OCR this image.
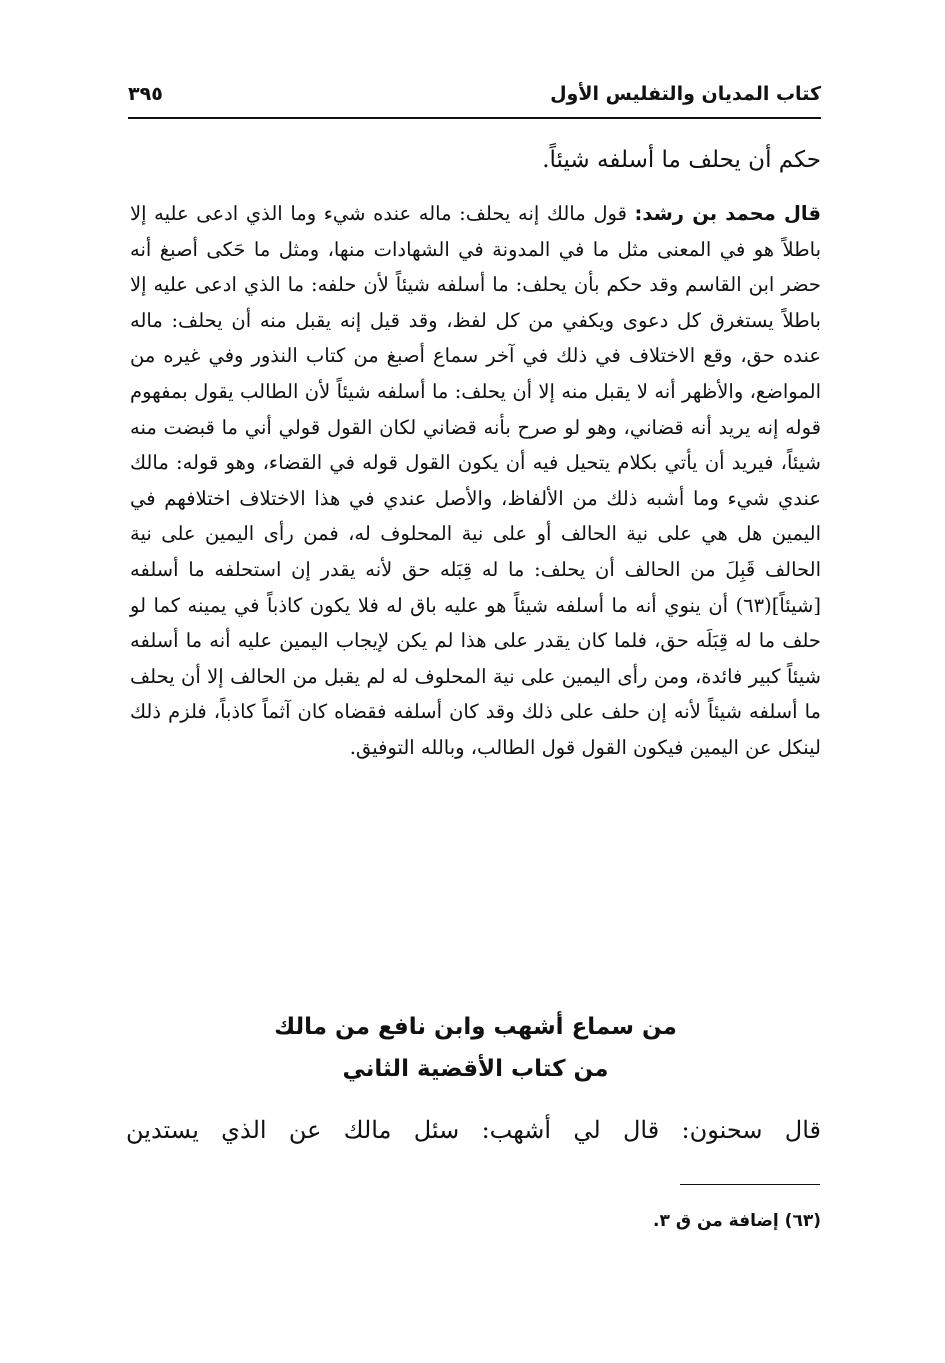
كتاب المديان والتفليس الأول
٣٩٥
حكم أن يحلف ما أسلفه شيئاً.
قال محمد بن رشد: قول مالك إنه يحلف: ماله عنده شيء وما الذي ادعى عليه إلا باطلاً هو في المعنى مثل ما في المدونة في الشهادات منها، ومثل ما حَكى أصبغ أنه حضر ابن القاسم وقد حكم بأن يحلف: ما أسلفه شيئاً لأن حلفه: ما الذي ادعى عليه إلا باطلاً يستغرق كل دعوى ويكفي من كل لفظ، وقد قيل إنه يقبل منه أن يحلف: ماله عنده حق، وقع الاختلاف في ذلك في آخر سماع أصبغ من كتاب النذور وفي غيره من المواضع، والأظهر أنه لا يقبل منه إلا أن يحلف: ما أسلفه شيئاً لأن الطالب يقول بمفهوم قوله إنه يريد أنه قضاني، وهو لو صرح بأنه قضاني لكان القول قولي أني ما قبضت منه شيئاً، فيريد أن يأتي بكلام يتحيل فيه أن يكون القول قوله في القضاء، وهو قوله: مالك عندي شيء وما أشبه ذلك من الألفاظ، والأصل عندي في هذا الاختلاف اختلافهم في اليمين هل هي على نية الحالف أو على نية المحلوف له، فمن رأى اليمين على نية الحالف قَبِلَ من الحالف أن يحلف: ما له قِبَله حق لأنه يقدر إن استحلفه ما أسلفه [شيئاً](٦٣) أن ينوي أنه ما أسلفه شيئاً هو عليه باق له فلا يكون كاذباً في يمينه كما لو حلف ما له قِبَلَه حق، فلما كان يقدر على هذا لم يكن لإيجاب اليمين عليه أنه ما أسلفه شيئاً كبير فائدة، ومن رأى اليمين على نية المحلوف له لم يقبل من الحالف إلا أن يحلف ما أسلفه شيئاً لأنه إن حلف على ذلك وقد كان أسلفه فقضاه كان آثماً كاذباً، فلزم ذلك لينكل عن اليمين فيكون القول قول الطالب، وبالله التوفيق.
من سماع أشهب وابن نافع من مالك
من كتاب الأقضية الثاني
قال سحنون: قال لي أشهب: سئل مالك عن الذي يستدين
(٦٣) إضافة من ق ٣.
